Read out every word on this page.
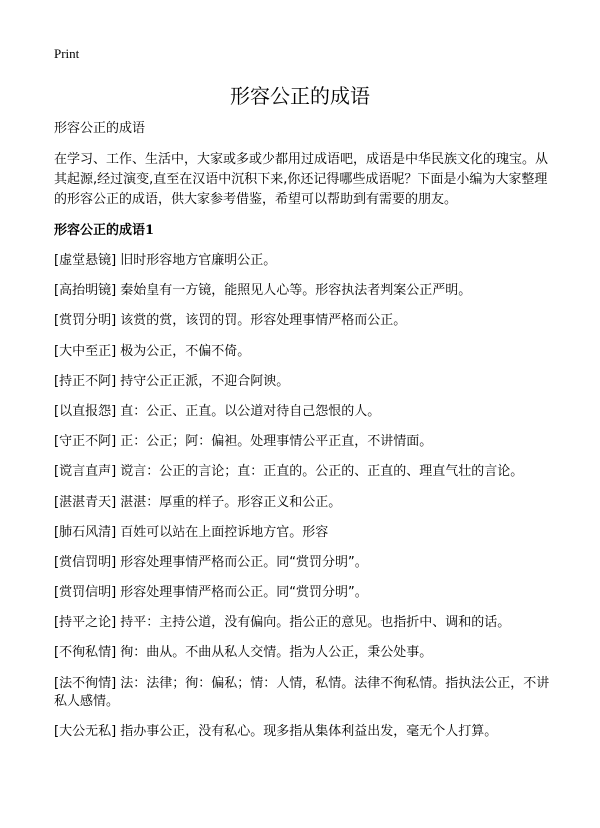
Print
形容公正的成语

形容公正的成语

在学习、工作、生活中，大家或多或少都用过成语吧，成语是中华民族文化的瑰宝。从其起源,经过演变,直至在汉语中沉积下来,你还记得哪些成语呢？下面是小编为大家整理的形容公正的成语，供大家参考借鉴，希望可以帮助到有需要的朋友。

形容公正的成语1

[虚堂悬镜] 旧时形容地方官廉明公正。

[高抬明镜] 秦始皇有一方镜，能照见人心等。形容执法者判案公正严明。

[赏罚分明] 该赏的赏，该罚的罚。形容处理事情严格而公正。

[大中至正] 极为公正，不偏不倚。

[持正不阿] 持守公正正派，不迎合阿谀。

[以直报怨] 直：公正、正直。以公道对待自己怨恨的人。

[守正不阿] 正：公正；阿：偏袒。处理事情公平正直，不讲情面。

[谠言直声] 谠言：公正的言论；直：正直的。公正的、正直的、理直气壮的言论。

[湛湛青天] 湛湛：厚重的样子。形容正义和公正。

[肺石风清] 百姓可以站在上面控诉地方官。形容

[赏信罚明] 形容处理事情严格而公正。同“赏罚分明”。

[赏罚信明] 形容处理事情严格而公正。同“赏罚分明”。

[持平之论] 持平：主持公道，没有偏向。指公正的意见。也指折中、调和的话。

[不徇私情] 徇：曲从。不曲从私人交情。指为人公正，秉公处事。

[法不徇情] 法：法律；徇：偏私；情：人情，私情。法律不徇私情。指执法公正，不讲私人感情。

[大公无私] 指办事公正，没有私心。现多指从集体利益出发，毫无个人打算。
